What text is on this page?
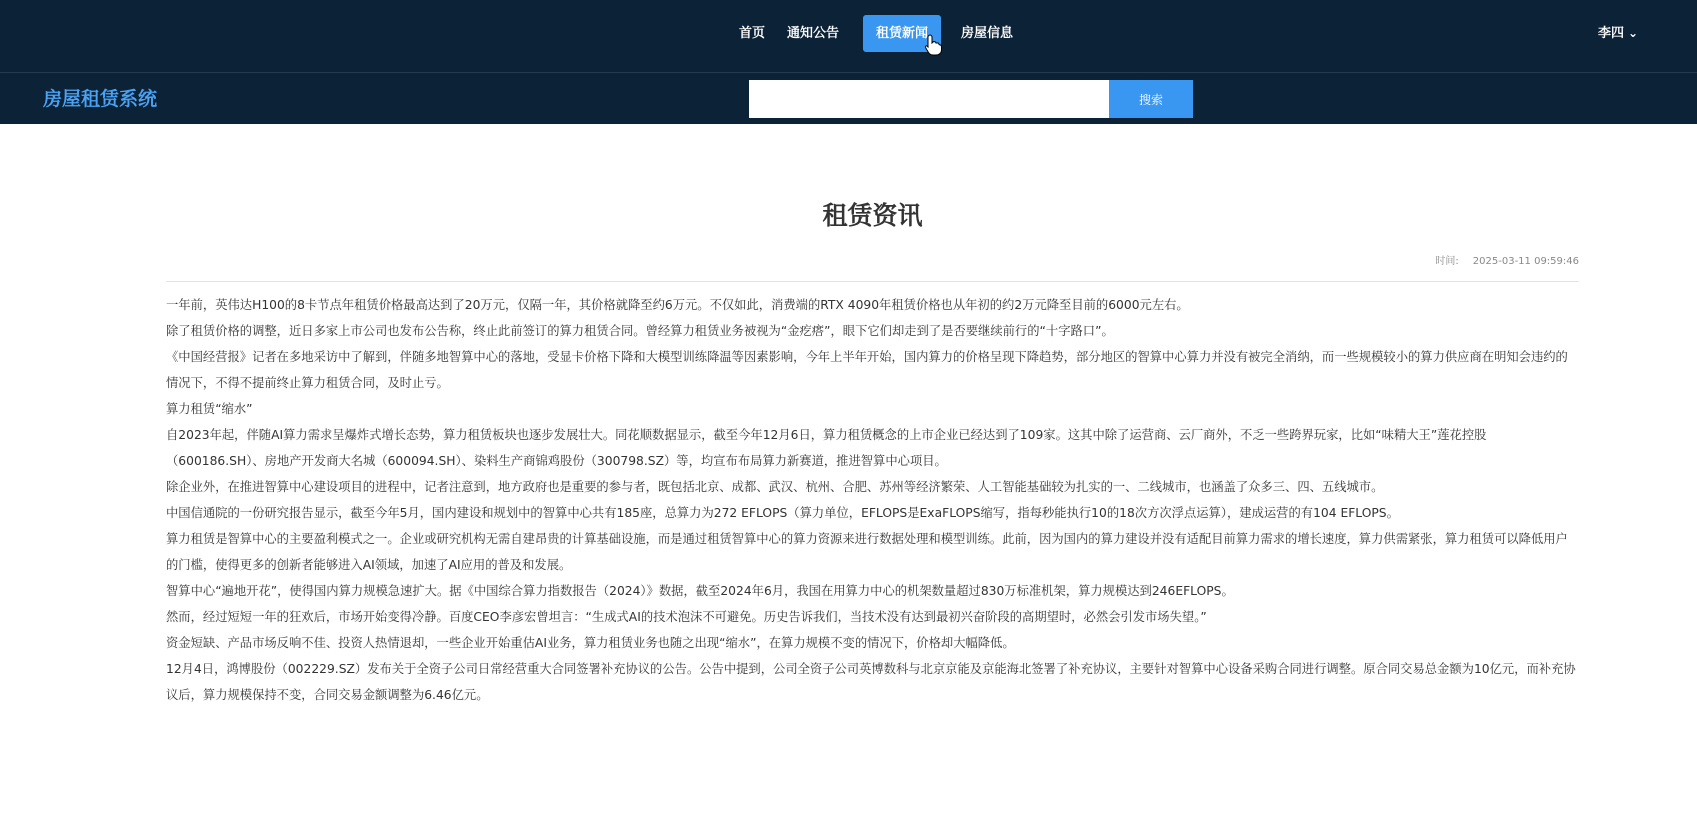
首页	通知公告	租赁新闻	房屋信息	李四 ⌄
房屋租赁系统	搜索
租赁资讯
时间: 2025-03-11 09:59:46

一年前，英伟达H100的8卡节点年租赁价格最高达到了20万元，仅隔一年，其价格就降至约6万元。不仅如此，消费端的RTX 4090年租赁价格也从年初的约2万元降至目前的6000元左右。

除了租赁价格的调整，近日多家上市公司也发布公告称，终止此前签订的算力租赁合同。曾经算力租赁业务被视为“金疙瘩”，眼下它们却走到了是否要继续前行的“十字路口”。

《中国经营报》记者在多地采访中了解到，伴随多地智算中心的落地，受显卡价格下降和大模型训练降温等因素影响，今年上半年开始，国内算力的价格呈现下降趋势，部分地区的智算中心算力并没有被完全消纳，而一些规模较小的算力供应商在明知会违约的情况下，不得不提前终止算力租赁合同，及时止亏。

算力租赁“缩水”

自2023年起，伴随AI算力需求呈爆炸式增长态势，算力租赁板块也逐步发展壮大。同花顺数据显示，截至今年12月6日，算力租赁概念的上市企业已经达到了109家。这其中除了运营商、云厂商外，不乏一些跨界玩家，比如“味精大王”莲花控股（600186.SH）、房地产开发商大名城（600094.SH）、染料生产商锦鸡股份（300798.SZ）等，均宣布布局算力新赛道，推进智算中心项目。

除企业外，在推进智算中心建设项目的进程中，记者注意到，地方政府也是重要的参与者，既包括北京、成都、武汉、杭州、合肥、苏州等经济繁荣、人工智能基础较为扎实的一、二线城市，也涵盖了众多三、四、五线城市。

中国信通院的一份研究报告显示，截至今年5月，国内建设和规划中的智算中心共有185座，总算力为272 EFLOPS（算力单位，EFLOPS是ExaFLOPS缩写，指每秒能执行10的18次方次浮点运算），建成运营的有104 EFLOPS。

算力租赁是智算中心的主要盈利模式之一。企业或研究机构无需自建昂贵的计算基础设施，而是通过租赁智算中心的算力资源来进行数据处理和模型训练。此前，因为国内的算力建设并没有适配目前算力需求的增长速度，算力供需紧张，算力租赁可以降低用户的门槛，使得更多的创新者能够进入AI领域，加速了AI应用的普及和发展。

智算中心“遍地开花”，使得国内算力规模急速扩大。据《中国综合算力指数报告（2024）》数据，截至2024年6月，我国在用算力中心的机架数量超过830万标准机架，算力规模达到246EFLOPS。

然而，经过短短一年的狂欢后，市场开始变得冷静。百度CEO李彦宏曾坦言：“生成式AI的技术泡沫不可避免。历史告诉我们，当技术没有达到最初兴奋阶段的高期望时，必然会引发市场失望。”

资金短缺、产品市场反响不佳、投资人热情退却，一些企业开始重估AI业务，算力租赁业务也随之出现“缩水”，在算力规模不变的情况下，价格却大幅降低。

12月4日，鸿博股份（002229.SZ）发布关于全资子公司日常经营重大合同签署补充协议的公告。公告中提到，公司全资子公司英博数科与北京京能及京能海北签署了补充协议，主要针对智算中心设备采购合同进行调整。原合同交易总金额为10亿元，而补充协议后，算力规模保持不变，合同交易金额调整为6.46亿元。
